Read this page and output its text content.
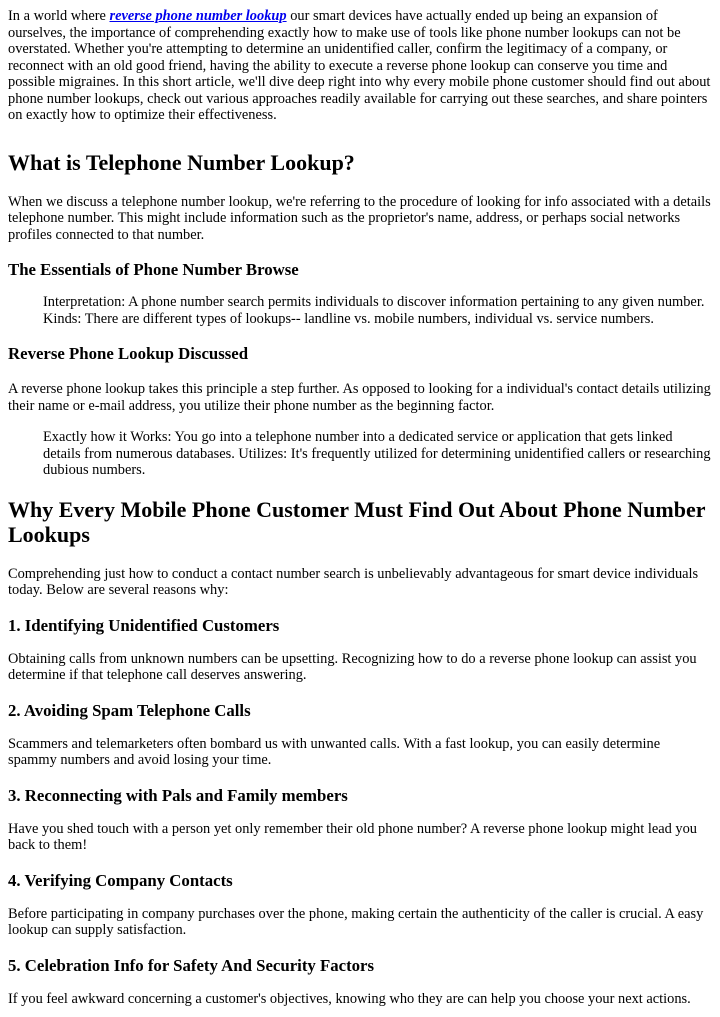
In a world where reverse phone number lookup our smart devices have actually ended up being an expansion of ourselves, the importance of comprehending exactly how to make use of tools like phone number lookups can not be overstated. Whether you're attempting to determine an unidentified caller, confirm the legitimacy of a company, or reconnect with an old good friend, having the ability to execute a reverse phone lookup can conserve you time and possible migraines. In this short article, we'll dive deep right into why every mobile phone customer should find out about phone number lookups, check out various approaches readily available for carrying out these searches, and share pointers on exactly how to optimize their effectiveness.

What is Telephone Number Lookup?

When we discuss a telephone number lookup, we're referring to the procedure of looking for info associated with a details telephone number. This might include information such as the proprietor's name, address, or perhaps social networks profiles connected to that number.

The Essentials of Phone Number Browse
Interpretation: A phone number search permits individuals to discover information pertaining to any given number. Kinds: There are different types of lookups-- landline vs. mobile numbers, individual vs. service numbers.
Reverse Phone Lookup Discussed

A reverse phone lookup takes this principle a step further. As opposed to looking for a individual's contact details utilizing their name or e-mail address, you utilize their phone number as the beginning factor.

Exactly how it Works: You go into a telephone number into a dedicated service or application that gets linked details from numerous databases. Utilizes: It's frequently utilized for determining unidentified callers or researching dubious numbers.
Why Every Mobile Phone Customer Must Find Out About Phone Number Lookups

Comprehending just how to conduct a contact number search is unbelievably advantageous for smart device individuals today. Below are several reasons why:

1. Identifying Unidentified Customers

Obtaining calls from unknown numbers can be upsetting. Recognizing how to do a reverse phone lookup can assist you determine if that telephone call deserves answering.

2. Avoiding Spam Telephone Calls

Scammers and telemarketers often bombard us with unwanted calls. With a fast lookup, you can easily determine spammy numbers and avoid losing your time.

3. Reconnecting with Pals and Family members

Have you shed touch with a person yet only remember their old phone number? A reverse phone lookup might lead you back to them!

4. Verifying Company Contacts

Before participating in company purchases over the phone, making certain the authenticity of the caller is crucial. A easy lookup can supply satisfaction.

5. Celebration Info for Safety And Security Factors

If you feel awkward concerning a customer's objectives, knowing who they are can help you choose your next actions.
